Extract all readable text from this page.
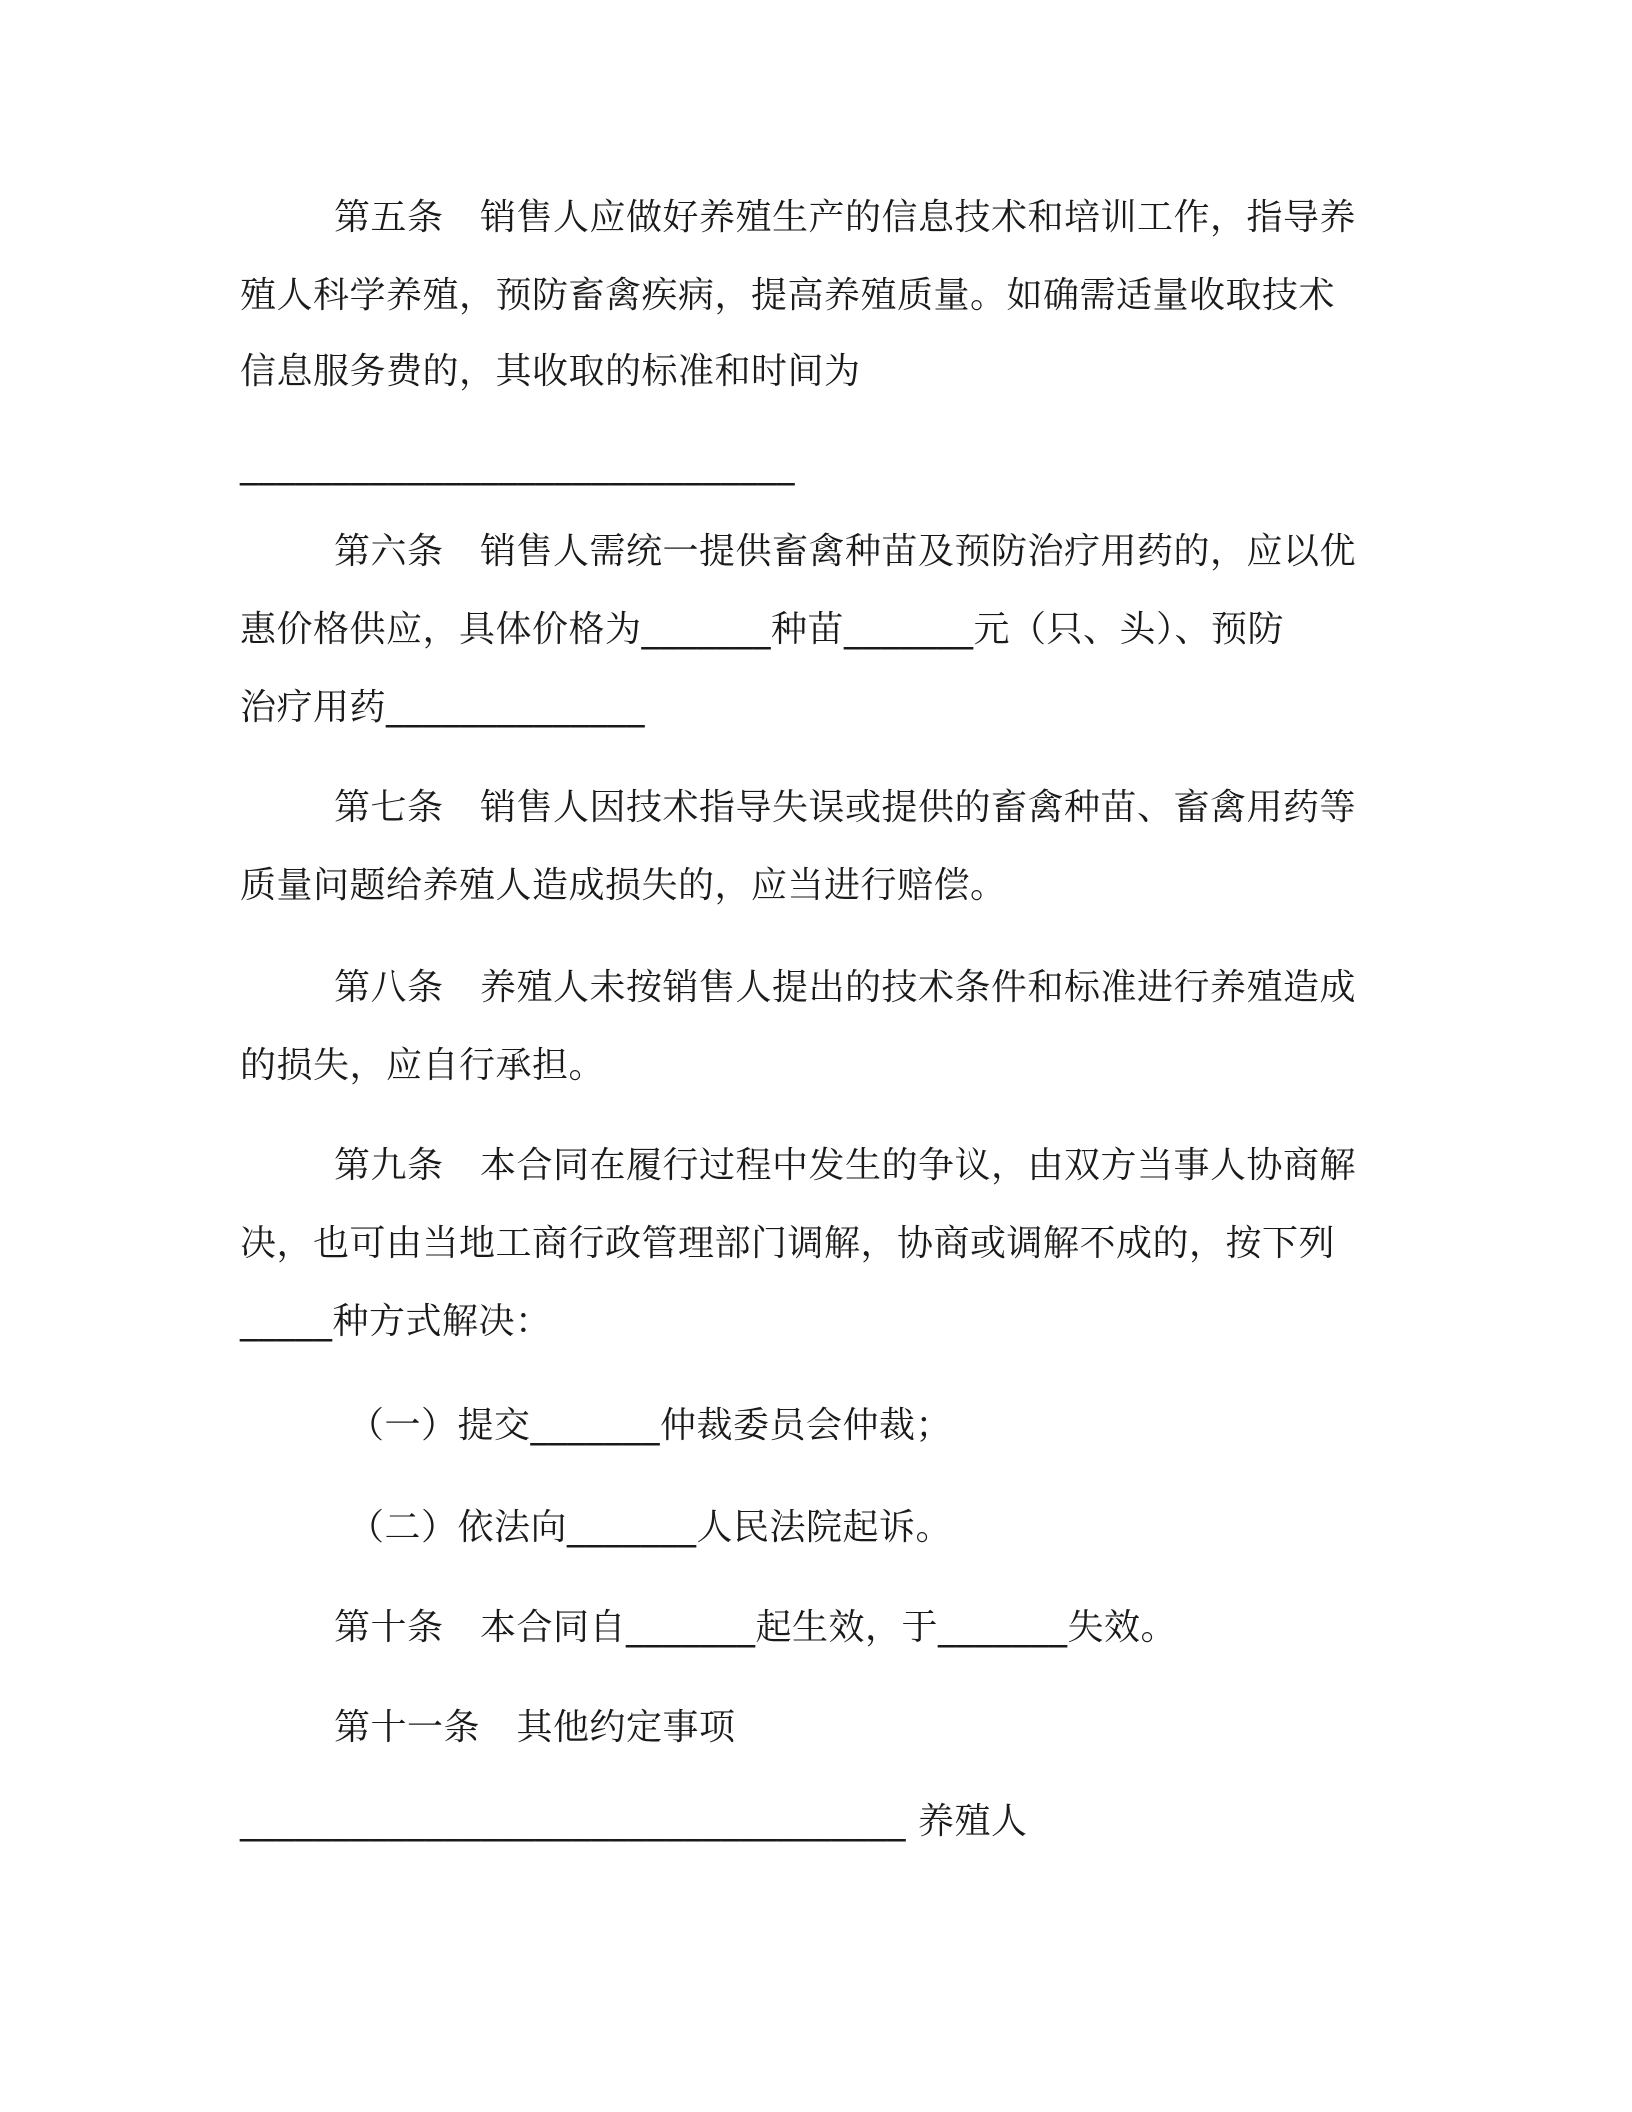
第五条　销售人应做好养殖生产的信息技术和培训工作，指导养
殖人科学养殖，预防畜禽疾病，提高养殖质量。如确需适量收取技术
信息服务费的，其收取的标准和时间为
______________________________
第六条　销售人需统一提供畜禽种苗及预防治疗用药的，应以优
惠价格供应，具体价格为_______种苗_______元（只、头）、预防
治疗用药______________
第七条　销售人因技术指导失误或提供的畜禽种苗、畜禽用药等
质量问题给养殖人造成损失的，应当进行赔偿。
第八条　养殖人未按销售人提出的技术条件和标准进行养殖造成
的损失，应自行承担。
第九条　本合同在履行过程中发生的争议，由双方当事人协商解
决，也可由当地工商行政管理部门调解，协商或调解不成的，按下列
_____种方式解决：
（一）提交_______仲裁委员会仲裁；
（二）依法向_______人民法院起诉。
第十条　本合同自_______起生效，于_______失效。
第十一条　其他约定事项
____________________________________ 养殖人
